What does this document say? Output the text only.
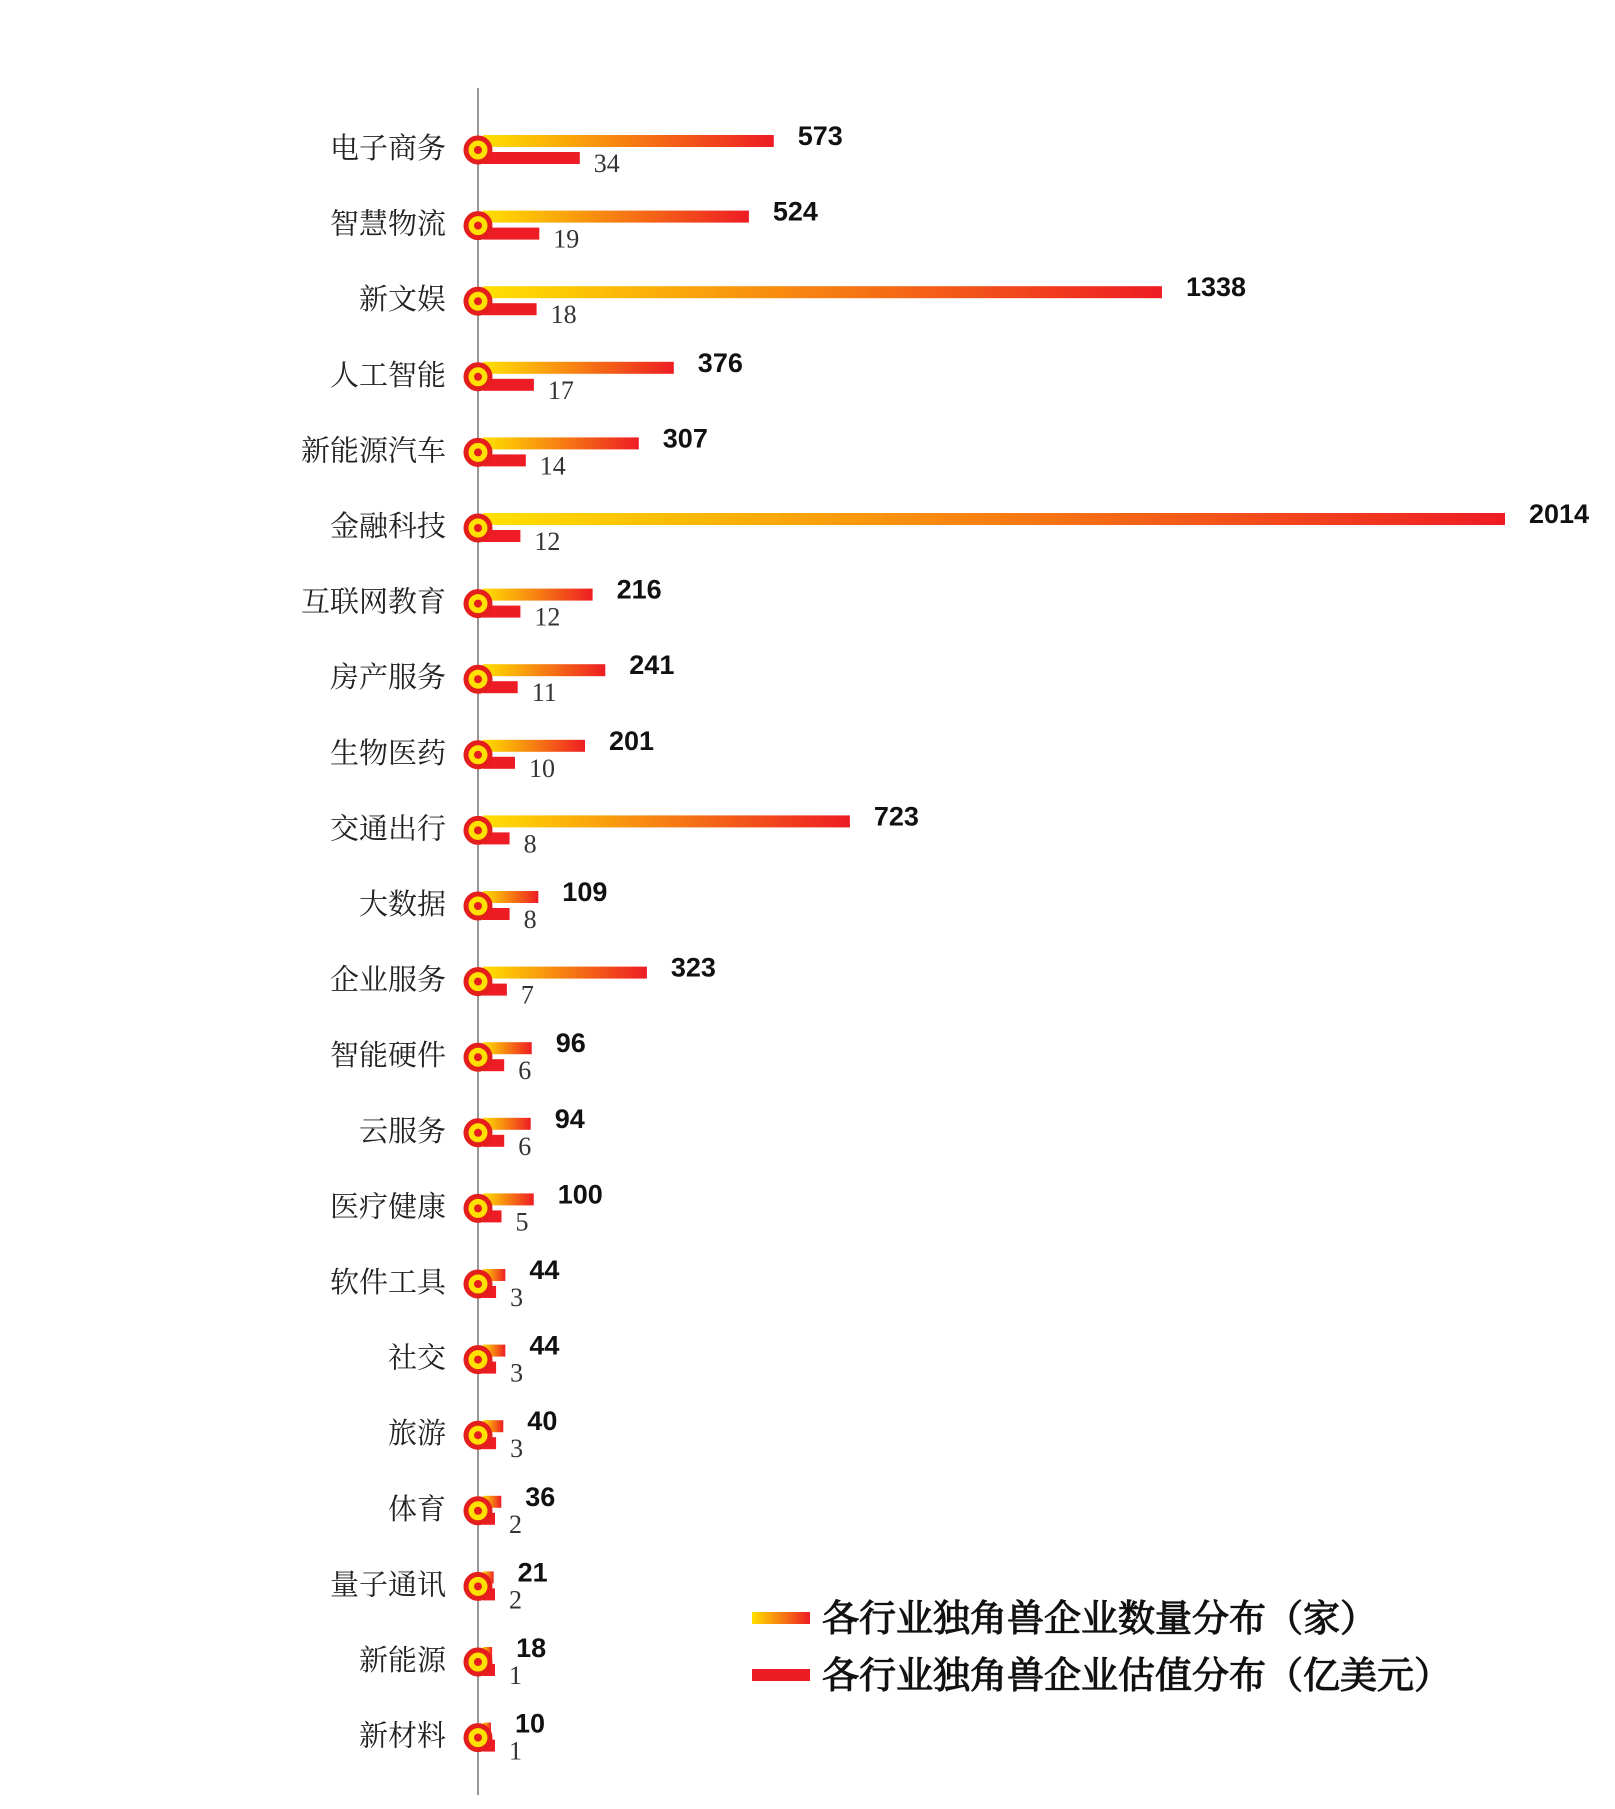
电子商务	573
34
智慧物流	524
19
新文娱	1338
18
人工智能	376
17
新能源汽车	307
14
金融科技	2014
12
互联网教育	216
12
房产服务	241
11
生物医药	201
10
交通出行	723
8
大数据	109
8
企业服务	323
7
智能硬件	96
6
云服务	94
6
医疗健康	100
5
软件工具	44
3
社交	44
3
旅游	40
3
体育	36
2
量子通讯	21
2
新能源	18
1
新材料	10
1
各行业独角兽企业数量分布（家）
各行业独角兽企业估值分布（亿美元）
